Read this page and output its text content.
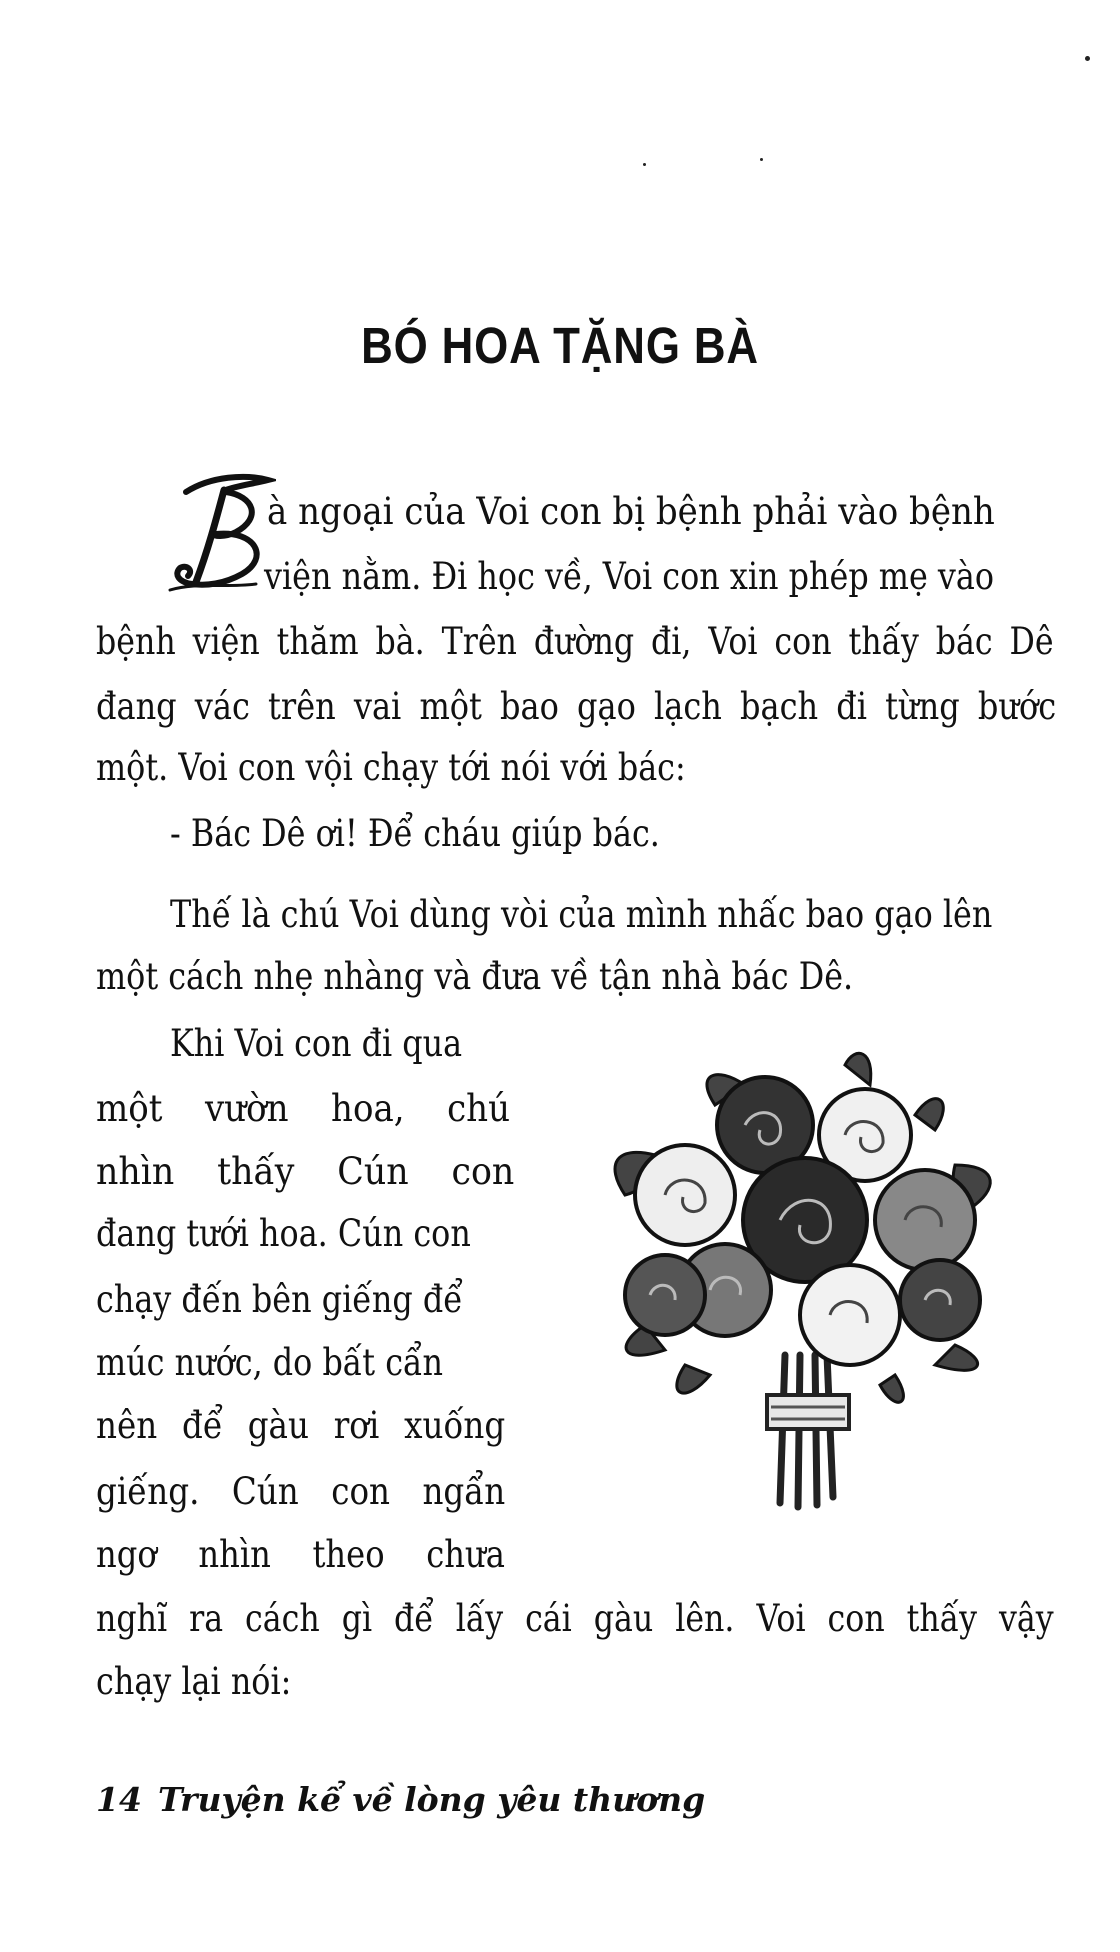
BÓ HOA TẶNG BÀ
à ngoại của Voi con bị bệnh phải vào bệnh
viện nằm. Đi học về, Voi con xin phép mẹ vào
bệnh viện thăm bà. Trên đường đi, Voi con thấy bác Dê
đang vác trên vai một bao gạo lạch bạch đi từng bước
một. Voi con vội chạy tới nói với bác:
- Bác Dê ơi! Để cháu giúp bác.
Thế là chú Voi dùng vòi của mình nhấc bao gạo lên
một cách nhẹ nhàng và đưa về tận nhà bác Dê.
Khi Voi con đi qua
một vườn hoa, chú
nhìn thấy Cún con
đang tưới hoa. Cún con
chạy đến bên giếng để
múc nước, do bất cẩn
nên để gàu rơi xuống
giếng. Cún con ngẩn
ngơ nhìn theo chưa
nghĩ ra cách gì để lấy cái gàu lên. Voi con thấy vậy
chạy lại nói:
14 Truyện kể về lòng yêu thương
